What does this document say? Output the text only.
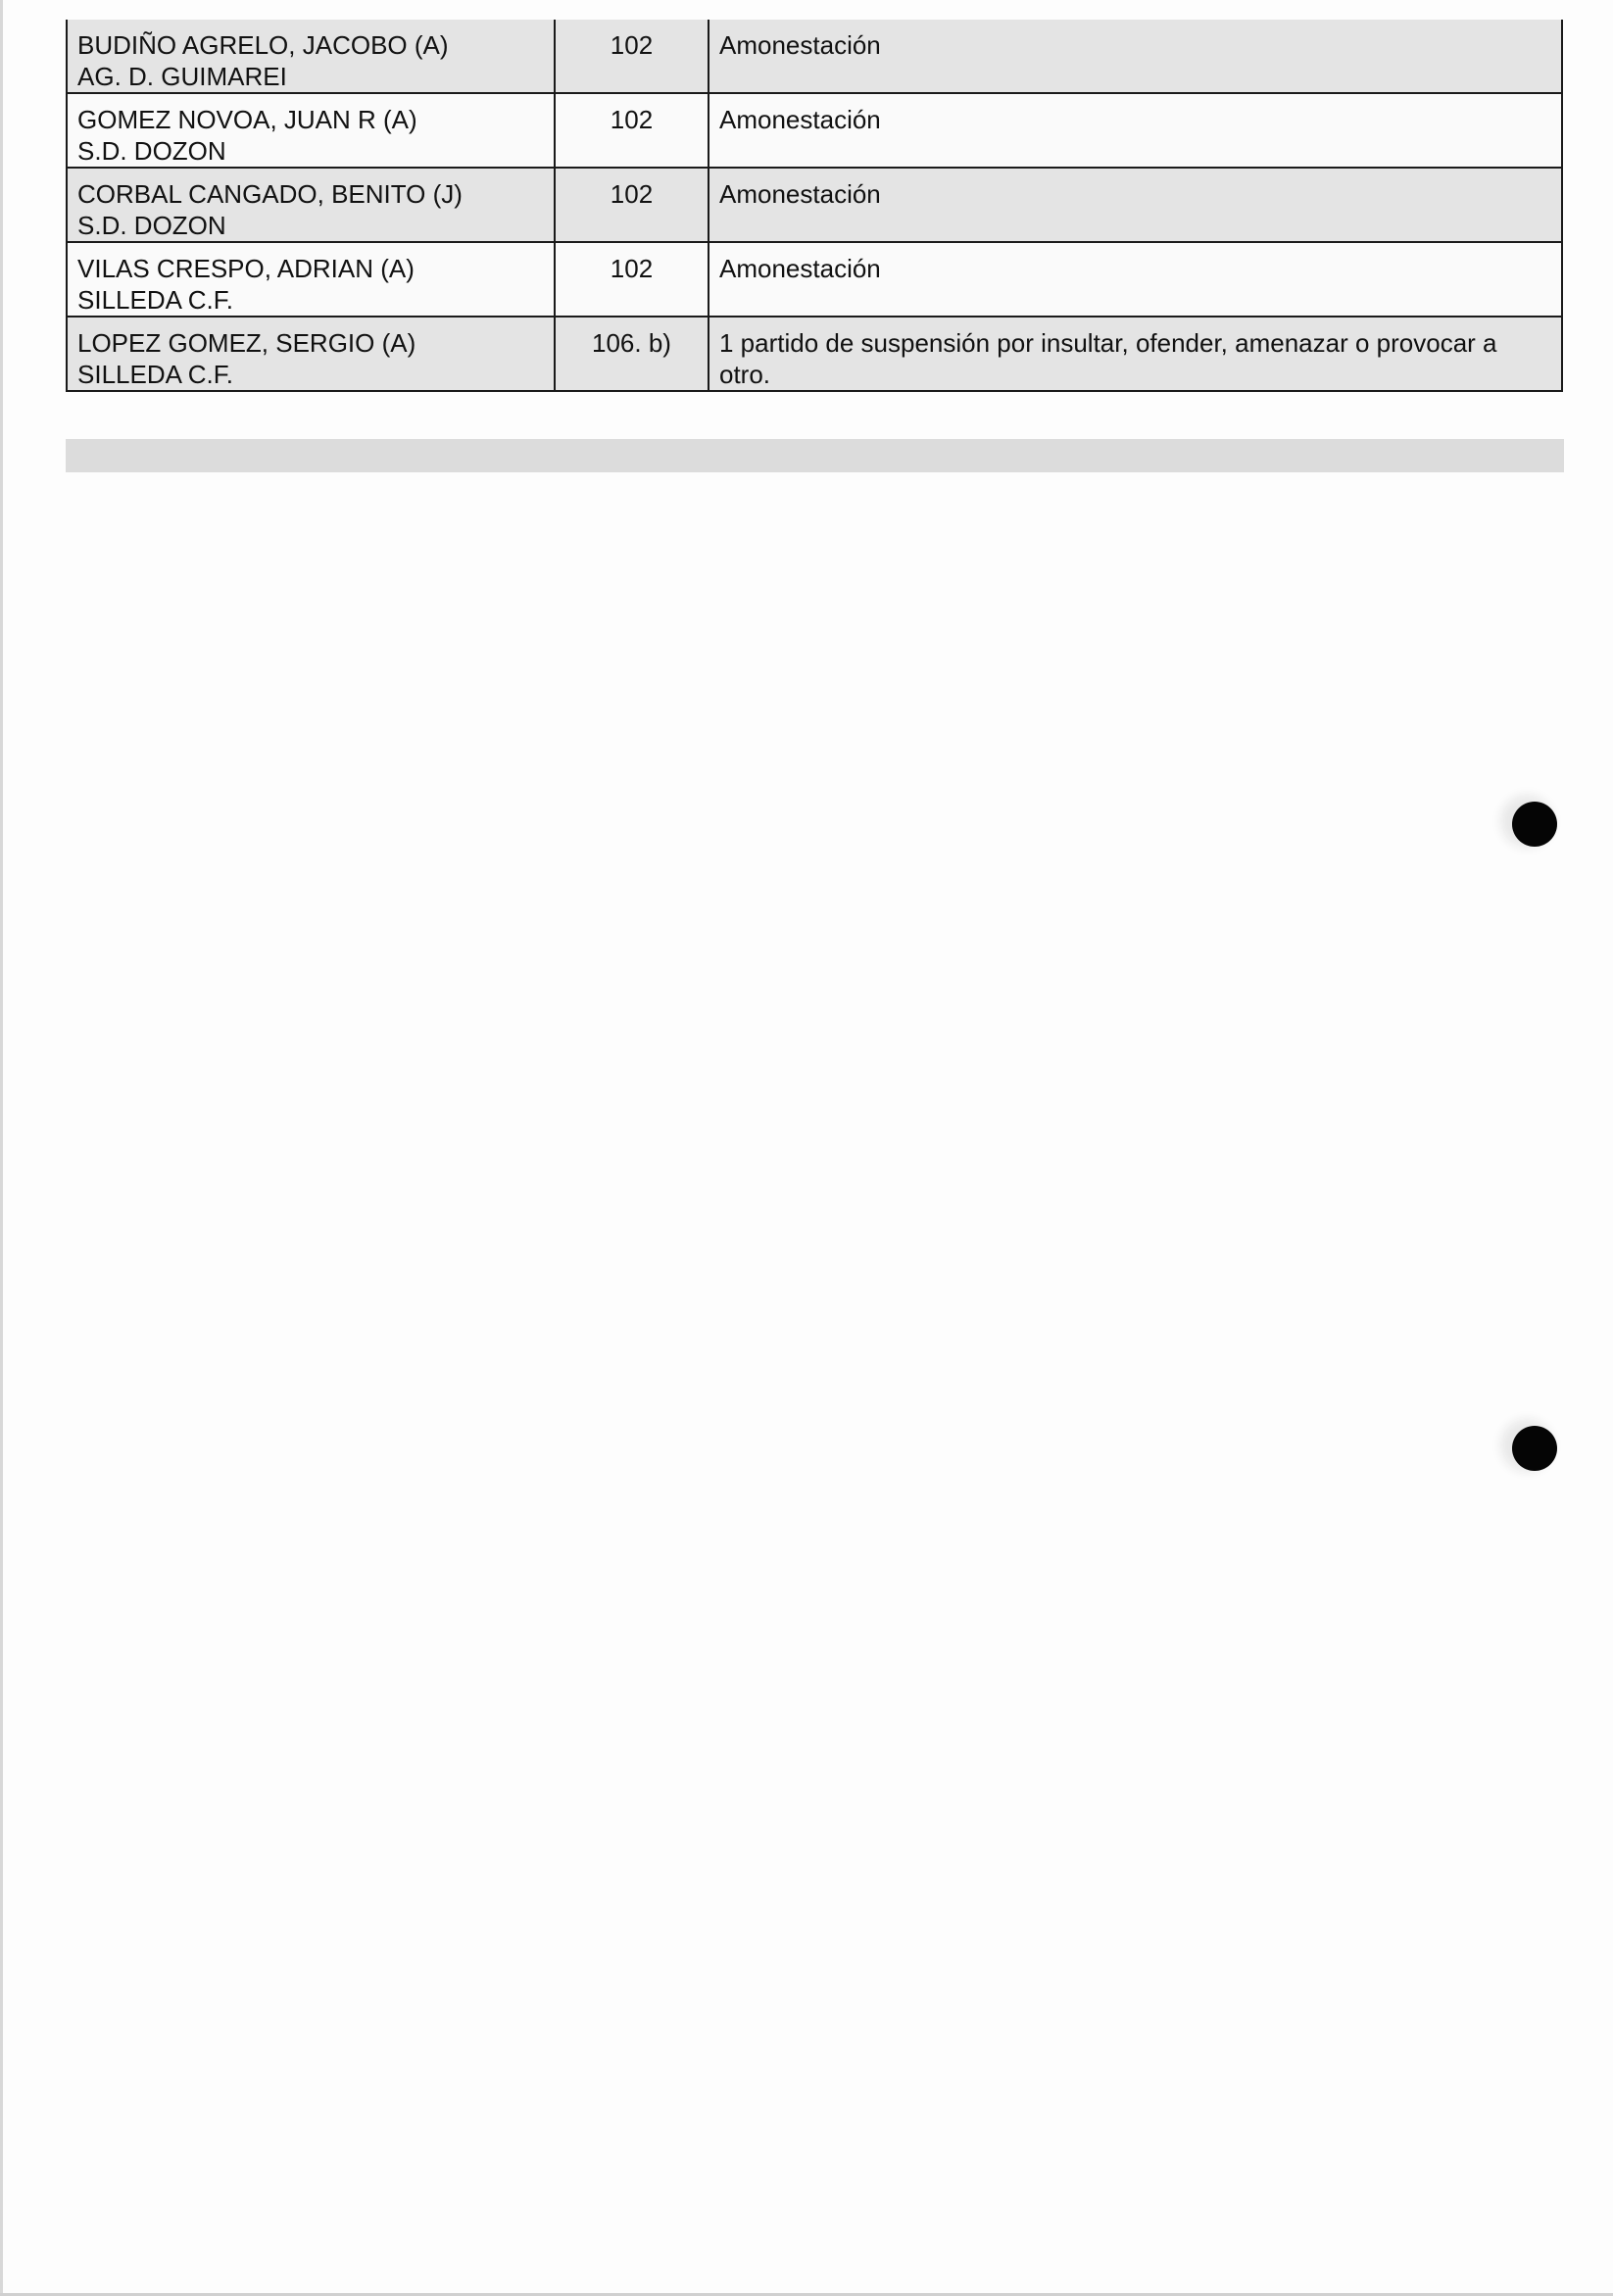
BUDIÑO AGRELO, JACOBO (A)
AG. D. GUIMAREI	102	Amonestación

GOMEZ NOVOA, JUAN R (A)
S.D. DOZON	102	Amonestación

CORBAL CANGADO, BENITO (J)
S.D. DOZON	102	Amonestación

VILAS CRESPO, ADRIAN (A)
SILLEDA C.F.	102	Amonestación

LOPEZ GOMEZ, SERGIO (A)
SILLEDA C.F.	106. b)	1 partido de suspensión por insultar, ofender, amenazar o provocar a otro.
